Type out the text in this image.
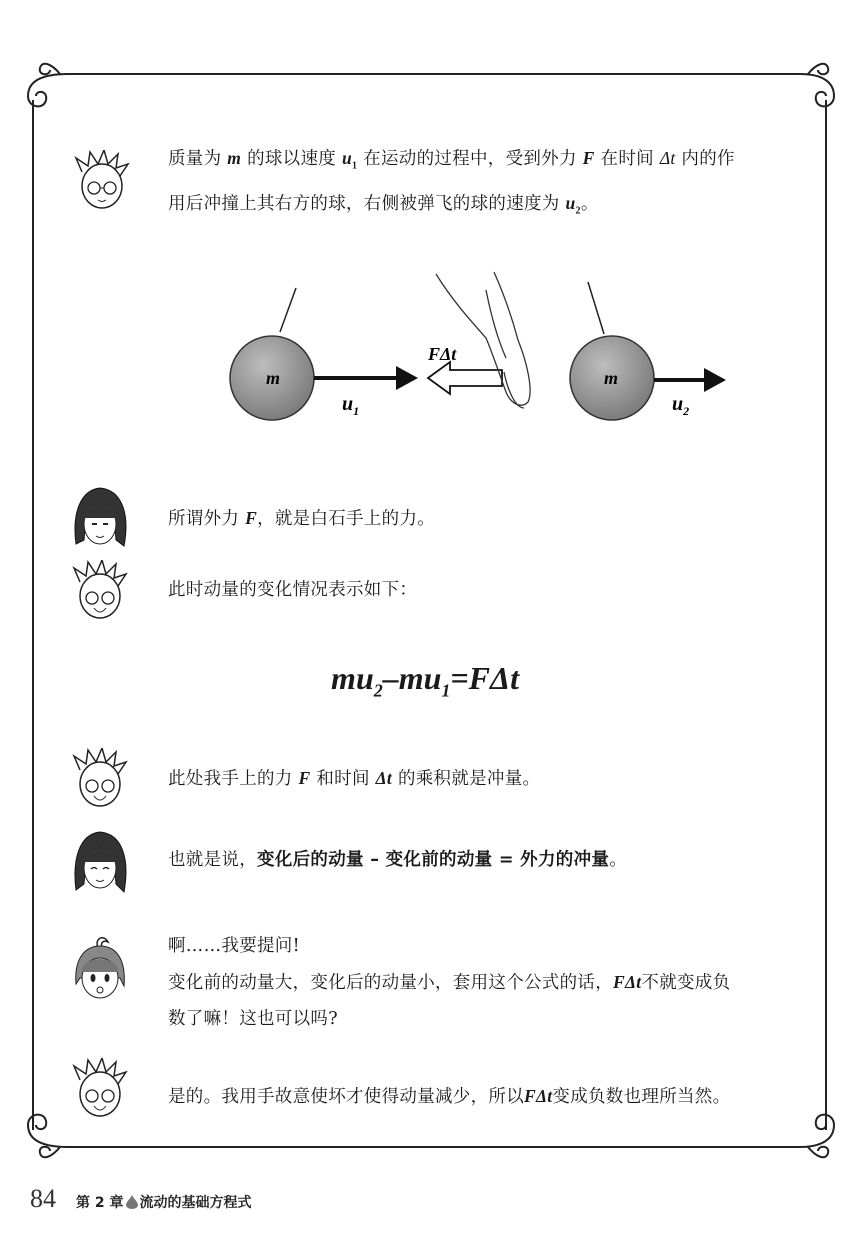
质量为 m 的球以速度 $u_1$ 在运动的过程中，受到外力 F 在时间 Δt 内的作
用后冲撞上其右方的球，右侧被弹飞的球的速度为 $u_2$。
m
$u_1$
FΔt
m
$u_2$
所谓外力 F，就是白石手上的力。
此时动量的变化情况表示如下：
$mu_2-mu_1=F\Delta t$
此处我手上的力 F 和时间 Δt 的乘积就是冲量。
也就是说，变化后的动量 – 变化前的动量 = 外力的冲量。
啊……我要提问!
变化前的动量大，变化后的动量小，套用这个公式的话，FΔt不就变成负
数了嘛！这也可以吗?
是的。我用手故意使坏才使得动量减少，所以FΔt变成负数也理所当然。
84 第 2 章 流动的基础方程式
